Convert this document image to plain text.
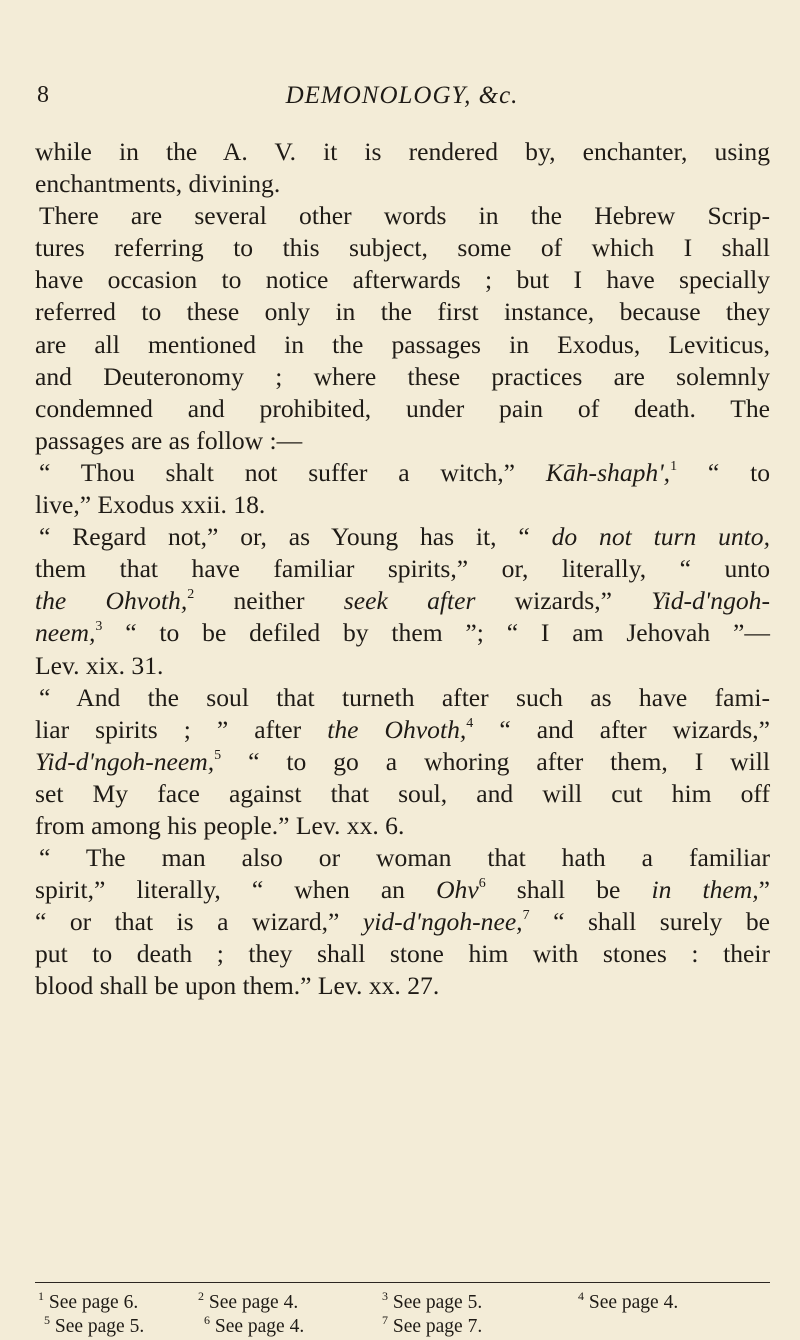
8	DEMONOLOGY, &c.
while in the A. V. it is rendered by, enchanter, using
enchantments, divining.
There are several other words in the Hebrew Scrip-
tures referring to this subject, some of which I shall
have occasion to notice afterwards ; but I have specially
referred to these only in the first instance, because they
are all mentioned in the passages in Exodus, Leviticus,
and Deuteronomy ; where these practices are solemnly
condemned and prohibited, under pain of death. The
passages are as follow :—
“ Thou shalt not suffer a witch,” Kāh-shaph',$^1$ “ to
live,” Exodus xxii. 18.
“ Regard not,” or, as Young has it, “ do not turn unto,
them that have familiar spirits,” or, literally, “ unto
the Ohvoth,$^2$ neither seek after wizards,” Yid-d'ngoh-
neem,$^3$ “ to be defiled by them ”; “ I am Jehovah ”—
Lev. xix. 31.
“ And the soul that turneth after such as have fami-
liar spirits ; ” after the Ohvoth,$^4$ “ and after wizards,”
Yid-d'ngoh-neem,$^5$ “ to go a whoring after them, I will
set My face against that soul, and will cut him off
from among his people.” Lev. xx. 6.
“ The man also or woman that hath a familiar
spirit,” literally, “ when an Ohv$^6$ shall be in them,”
“ or that is a wizard,” yid-d'ngoh-nee,$^7$ “ shall surely be
put to death ; they shall stone him with stones : their
blood shall be upon them.” Lev. xx. 27.
$^1$ See page 6.	$^2$ See page 4.	$^3$ See page 5.	$^4$ See page 4.
$^5$ See page 5.	$^6$ See page 4.	$^7$ See page 7.
